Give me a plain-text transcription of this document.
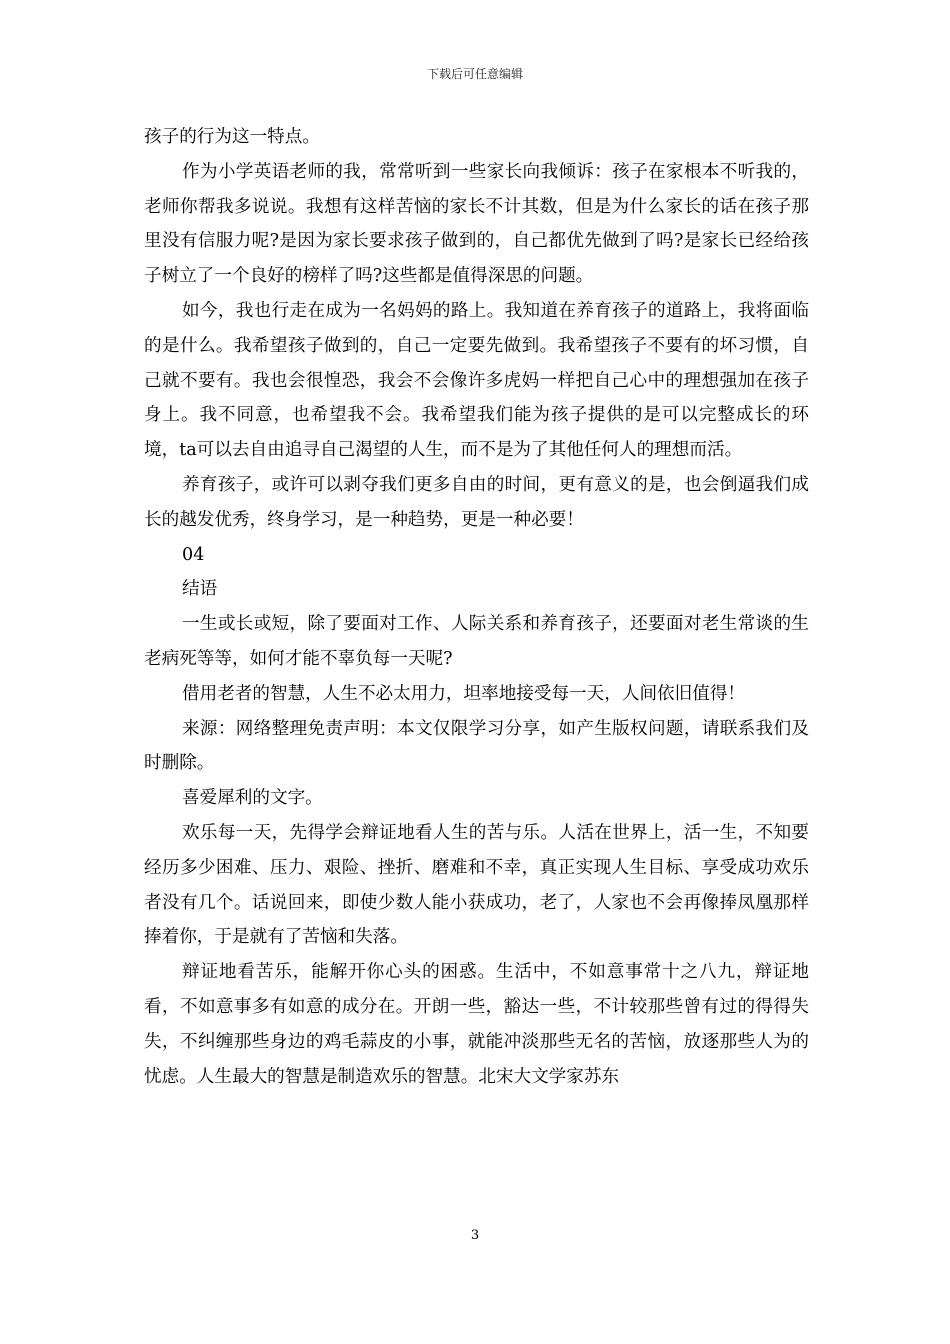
下载后可任意编辑

孩子的行为这一特点。

作为小学英语老师的我，常常听到一些家长向我倾诉：孩子在家根本不听我的，老师你帮我多说说。我想有这样苦恼的家长不计其数，但是为什么家长的话在孩子那里没有信服力呢?是因为家长要求孩子做到的，自己都优先做到了吗?是家长已经给孩子树立了一个良好的榜样了吗?这些都是值得深思的问题。

如今，我也行走在成为一名妈妈的路上。我知道在养育孩子的道路上，我将面临的是什么。我希望孩子做到的，自己一定要先做到。我希望孩子不要有的坏习惯，自己就不要有。我也会很惶恐，我会不会像许多虎妈一样把自己心中的理想强加在孩子身上。我不同意，也希望我不会。我希望我们能为孩子提供的是可以完整成长的环境，ta可以去自由追寻自己渴望的人生，而不是为了其他任何人的理想而活。

养育孩子，或许可以剥夺我们更多自由的时间，更有意义的是，也会倒逼我们成长的越发优秀，终身学习，是一种趋势，更是一种必要！

04

结语

一生或长或短，除了要面对工作、人际关系和养育孩子，还要面对老生常谈的生老病死等等，如何才能不辜负每一天呢?

借用老者的智慧，人生不必太用力，坦率地接受每一天，人间依旧值得！

来源：网络整理免责声明：本文仅限学习分享，如产生版权问题，请联系我们及时删除。

喜爱犀利的文字。

欢乐每一天，先得学会辩证地看人生的苦与乐。人活在世界上，活一生，不知要经历多少困难、压力、艰险、挫折、磨难和不幸，真正实现人生目标、享受成功欢乐者没有几个。话说回来，即使少数人能小获成功，老了，人家也不会再像捧凤凰那样捧着你，于是就有了苦恼和失落。

辩证地看苦乐，能解开你心头的困惑。生活中，不如意事常十之八九，辩证地看，不如意事多有如意的成分在。开朗一些，豁达一些，不计较那些曾有过的得得失失，不纠缠那些身边的鸡毛蒜皮的小事，就能冲淡那些无名的苦恼，放逐那些人为的忧虑。人生最大的智慧是制造欢乐的智慧。北宋大文学家苏东

3
